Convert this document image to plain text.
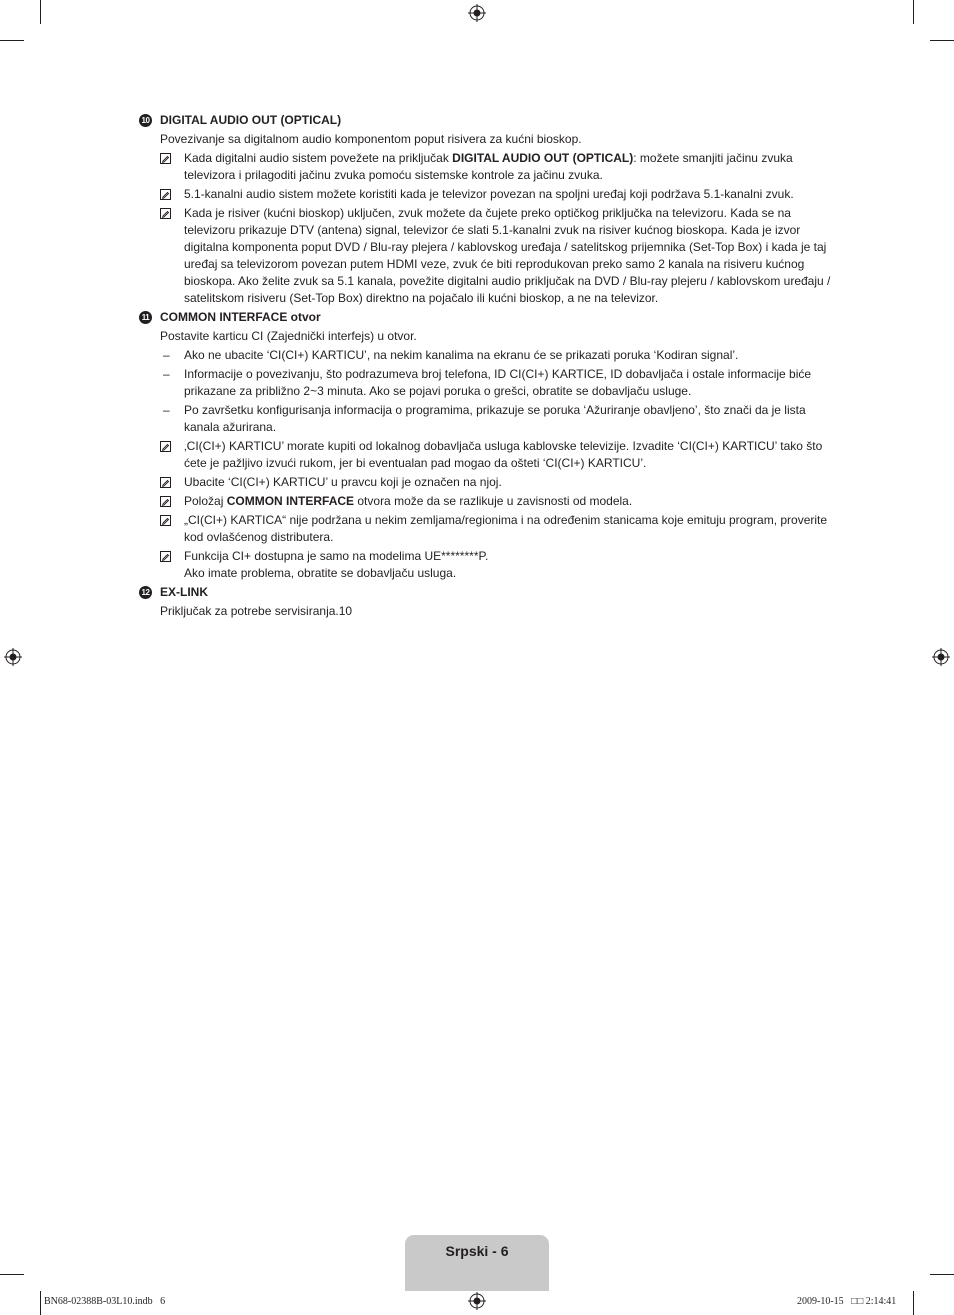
10 DIGITAL AUDIO OUT (OPTICAL)
Povezivanje sa digitalnom audio komponentom poput risivera za kućni bioskop.
Kada digitalni audio sistem povežete na priključak DIGITAL AUDIO OUT (OPTICAL): možete smanjiti jačinu zvuka televizora i prilagoditi jačinu zvuka pomoću sistemske kontrole za jačinu zvuka.
5.1-kanalni audio sistem možete koristiti kada je televizor povezan na spoljni uređaj koji podržava 5.1-kanalni zvuk.
Kada je risiver (kućni bioskop) uključen, zvuk možete da čujete preko optičkog priključka na televizoru. Kada se na televizoru prikazuje DTV (antena) signal, televizor će slati 5.1-kanalni zvuk na risiver kućnog bioskopa. Kada je izvor digitalna komponenta poput DVD / Blu-ray plejera / kablovskog uređaja / satelitskog prijemnika (Set-Top Box) i kada je taj uređaj sa televizorom povezan putem HDMI veze, zvuk će biti reprodukovan preko samo 2 kanala na risiveru kućnog bioskopa. Ako želite zvuk sa 5.1 kanala, povežite digitalni audio priključak na DVD / Blu-ray plejeru / kablovskom uređaju / satelitskom risiveru (Set-Top Box) direktno na pojačalo ili kućni bioskop, a ne na televizor.
11 COMMON INTERFACE otvor
Postavite karticu CI (Zajednički interfejs) u otvor.
– Ako ne ubacite ‘CI(CI+) KARTICU’, na nekim kanalima na ekranu će se prikazati poruka ‘Kodiran signal’.
– Informacije o povezivanju, što podrazumeva broj telefona, ID CI(CI+) KARTICE, ID dobavljača i ostale informacije biće prikazane za približno 2~3 minuta. Ako se pojavi poruka o grešci, obratite se dobavljaču usluge.
– Po završetku konfigurisanja informacija o programima, prikazuje se poruka ‘Ažuriranje obavljeno’, što znači da je lista kanala ažurirana.
‚CI(CI+) KARTICU’ morate kupiti od lokalnog dobavljača usluga kablovske televizije. Izvadite ‘CI(CI+) KARTICU’ tako što ćete je pažljivo izvući rukom, jer bi eventualan pad mogao da ošteti ‘CI(CI+) KARTICU’.
Ubacite ‘CI(CI+) KARTICU’ u pravcu koji je označen na njoj.
Položaj COMMON INTERFACE otvora može da se razlikuje u zavisnosti od modela.
„CI(CI+) KARTICA“ nije podržana u nekim zemljama/regionima i na određenim stanicama koje emituju program, proverite kod ovlašćenog distributera.
Funkcija CI+ dostupna je samo na modelima UE********P.
Ako imate problema, obratite se dobavljaču usluga.
12 EX-LINK
Priključak za potrebe servisiranja.10
Srpski - 6
BN68-02388B-03L10.indb   6	2009-10-15   □□ 2:14:41
